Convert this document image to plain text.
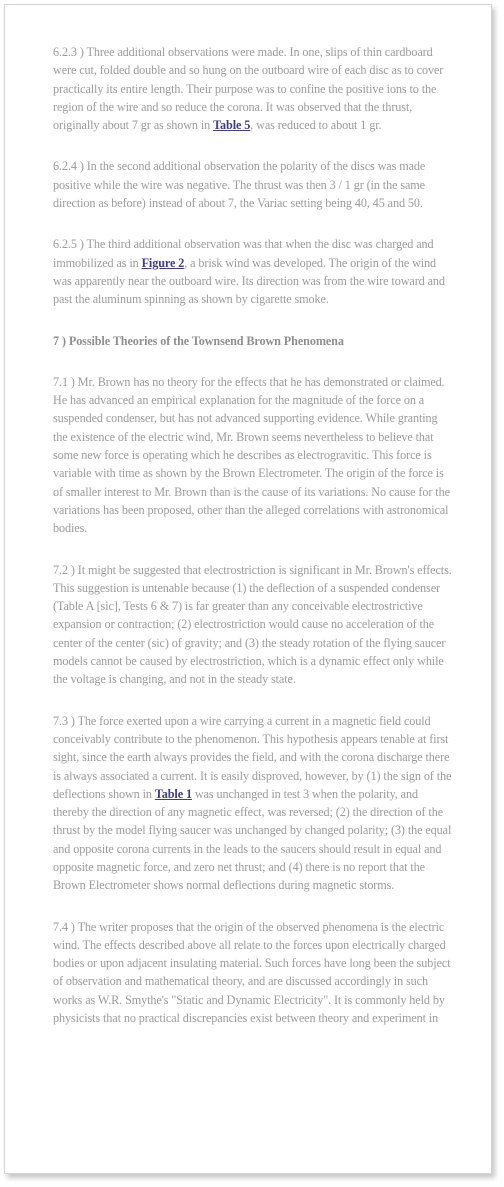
6.2.3 ) Three additional observations were made. In one, slips of thin cardboard were cut, folded double and so hung on the outboard wire of each disc as to cover practically its entire length. Their purpose was to confine the positive ions to the region of the wire and so reduce the corona. It was observed that the thrust, originally about 7 gr as shown in Table 5, was reduced to about 1 gr.

6.2.4 ) In the second additional observation the polarity of the discs was made positive while the wire was negative. The thrust was then 3 / 1 gr (in the same direction as before) instead of about 7, the Variac setting being 40, 45 and 50.

6.2.5 ) The third additional observation was that when the disc was charged and immobilized as in Figure 2, a brisk wind was developed. The origin of the wind was apparently near the outboard wire. Its direction was from the wire toward and past the aluminum spinning as shown by cigarette smoke.

7 ) Possible Theories of the Townsend Brown Phenomena

7.1 ) Mr. Brown has no theory for the effects that he has demonstrated or claimed. He has advanced an empirical explanation for the magnitude of the force on a suspended condenser, but has not advanced supporting evidence. While granting the existence of the electric wind, Mr. Brown seems nevertheless to believe that some new force is operating which he describes as electrogravitic. This force is variable with time as shown by the Brown Electrometer. The origin of the force is of smaller interest to Mr. Brown than is the cause of its variations. No cause for the variations has been proposed, other than the alleged correlations with astronomical bodies.

7.2 ) It might be suggested that electrostriction is significant in Mr. Brown's effects. This suggestion is untenable because (1) the deflection of a suspended condenser (Table A [sic], Tests 6 & 7) is far greater than any conceivable electrostrictive expansion or contraction; (2) electrostriction would cause no acceleration of the center of the center (sic) of gravity; and (3) the steady rotation of the flying saucer models cannot be caused by electrostriction, which is a dynamic effect only while the voltage is changing, and not in the steady state.

7.3 ) The force exerted upon a wire carrying a current in a magnetic field could conceivably contribute to the phenomenon. This hypothesis appears tenable at first sight, since the earth always provides the field, and with the corona discharge there is always associated a current. It is easily disproved, however, by (1) the sign of the deflections shown in Table 1 was unchanged in test 3 when the polarity, and thereby the direction of any magnetic effect, was reversed; (2) the direction of the thrust by the model flying saucer was unchanged by changed polarity; (3) the equal and opposite corona currents in the leads to the saucers should result in equal and opposite magnetic force, and zero net thrust; and (4) there is no report that the Brown Electrometer shows normal deflections during magnetic storms.

7.4 ) The writer proposes that the origin of the observed phenomena is the electric wind. The effects described above all relate to the forces upon electrically charged bodies or upon adjacent insulating material. Such forces have long been the subject of observation and mathematical theory, and are discussed accordingly in such works as W.R. Smythe's "Static and Dynamic Electricity". It is commonly held by physicists that no practical discrepancies exist between theory and experiment in
